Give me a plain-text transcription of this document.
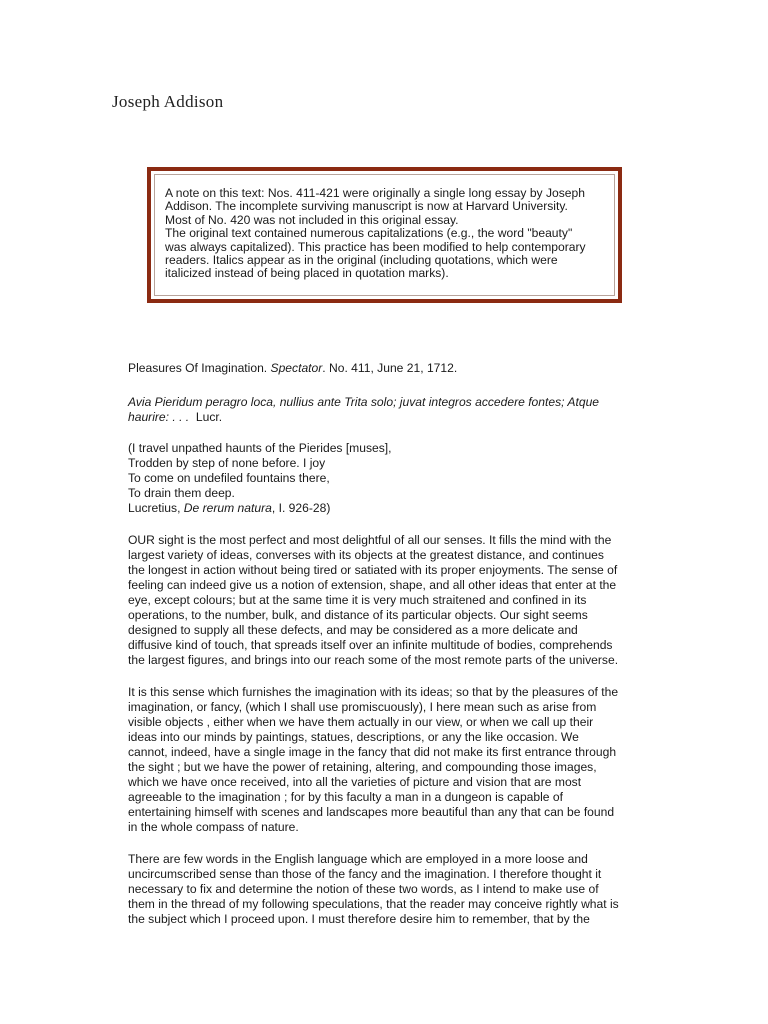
Joseph Addison
A note on this text: Nos. 411-421 were originally a single long essay by Joseph
Addison. The incomplete surviving manuscript is now at Harvard University.
Most of No. 420 was not included in this original essay.
The original text contained numerous capitalizations (e.g., the word "beauty"
was always capitalized). This practice has been modified to help contemporary
readers. Italics appear as in the original (including quotations, which were
italicized instead of being placed in quotation marks).
Pleasures Of Imagination. Spectator. No. 411, June 21, 1712.
Avia Pieridum peragro loca, nullius ante Trita solo; juvat integros accedere fontes; Atque
haurire: . . .  Lucr.
(I travel unpathed haunts of the Pierides [muses],
Trodden by step of none before. I joy
To come on undefiled fountains there,
To drain them deep.
Lucretius, De rerum natura, I. 926-28)
OUR sight is the most perfect and most delightful of all our senses. It fills the mind with the
largest variety of ideas, converses with its objects at the greatest distance, and continues
the longest in action without being tired or satiated with its proper enjoyments. The sense of
feeling can indeed give us a notion of extension, shape, and all other ideas that enter at the
eye, except colours; but at the same time it is very much straitened and confined in its
operations, to the number, bulk, and distance of its particular objects. Our sight seems
designed to supply all these defects, and may be considered as a more delicate and
diffusive kind of touch, that spreads itself over an infinite multitude of bodies, comprehends
the largest figures, and brings into our reach some of the most remote parts of the universe.
It is this sense which furnishes the imagination with its ideas; so that by the pleasures of the
imagination, or fancy, (which I shall use promiscuously), I here mean such as arise from
visible objects , either when we have them actually in our view, or when we call up their
ideas into our minds by paintings, statues, descriptions, or any the like occasion. We
cannot, indeed, have a single image in the fancy that did not make its first entrance through
the sight ; but we have the power of retaining, altering, and compounding those images,
which we have once received, into all the varieties of picture and vision that are most
agreeable to the imagination ; for by this faculty a man in a dungeon is capable of
entertaining himself with scenes and landscapes more beautiful than any that can be found
in the whole compass of nature.
There are few words in the English language which are employed in a more loose and
uncircumscribed sense than those of the fancy and the imagination. I therefore thought it
necessary to fix and determine the notion of these two words, as I intend to make use of
them in the thread of my following speculations, that the reader may conceive rightly what is
the subject which I proceed upon. I must therefore desire him to remember, that by the
